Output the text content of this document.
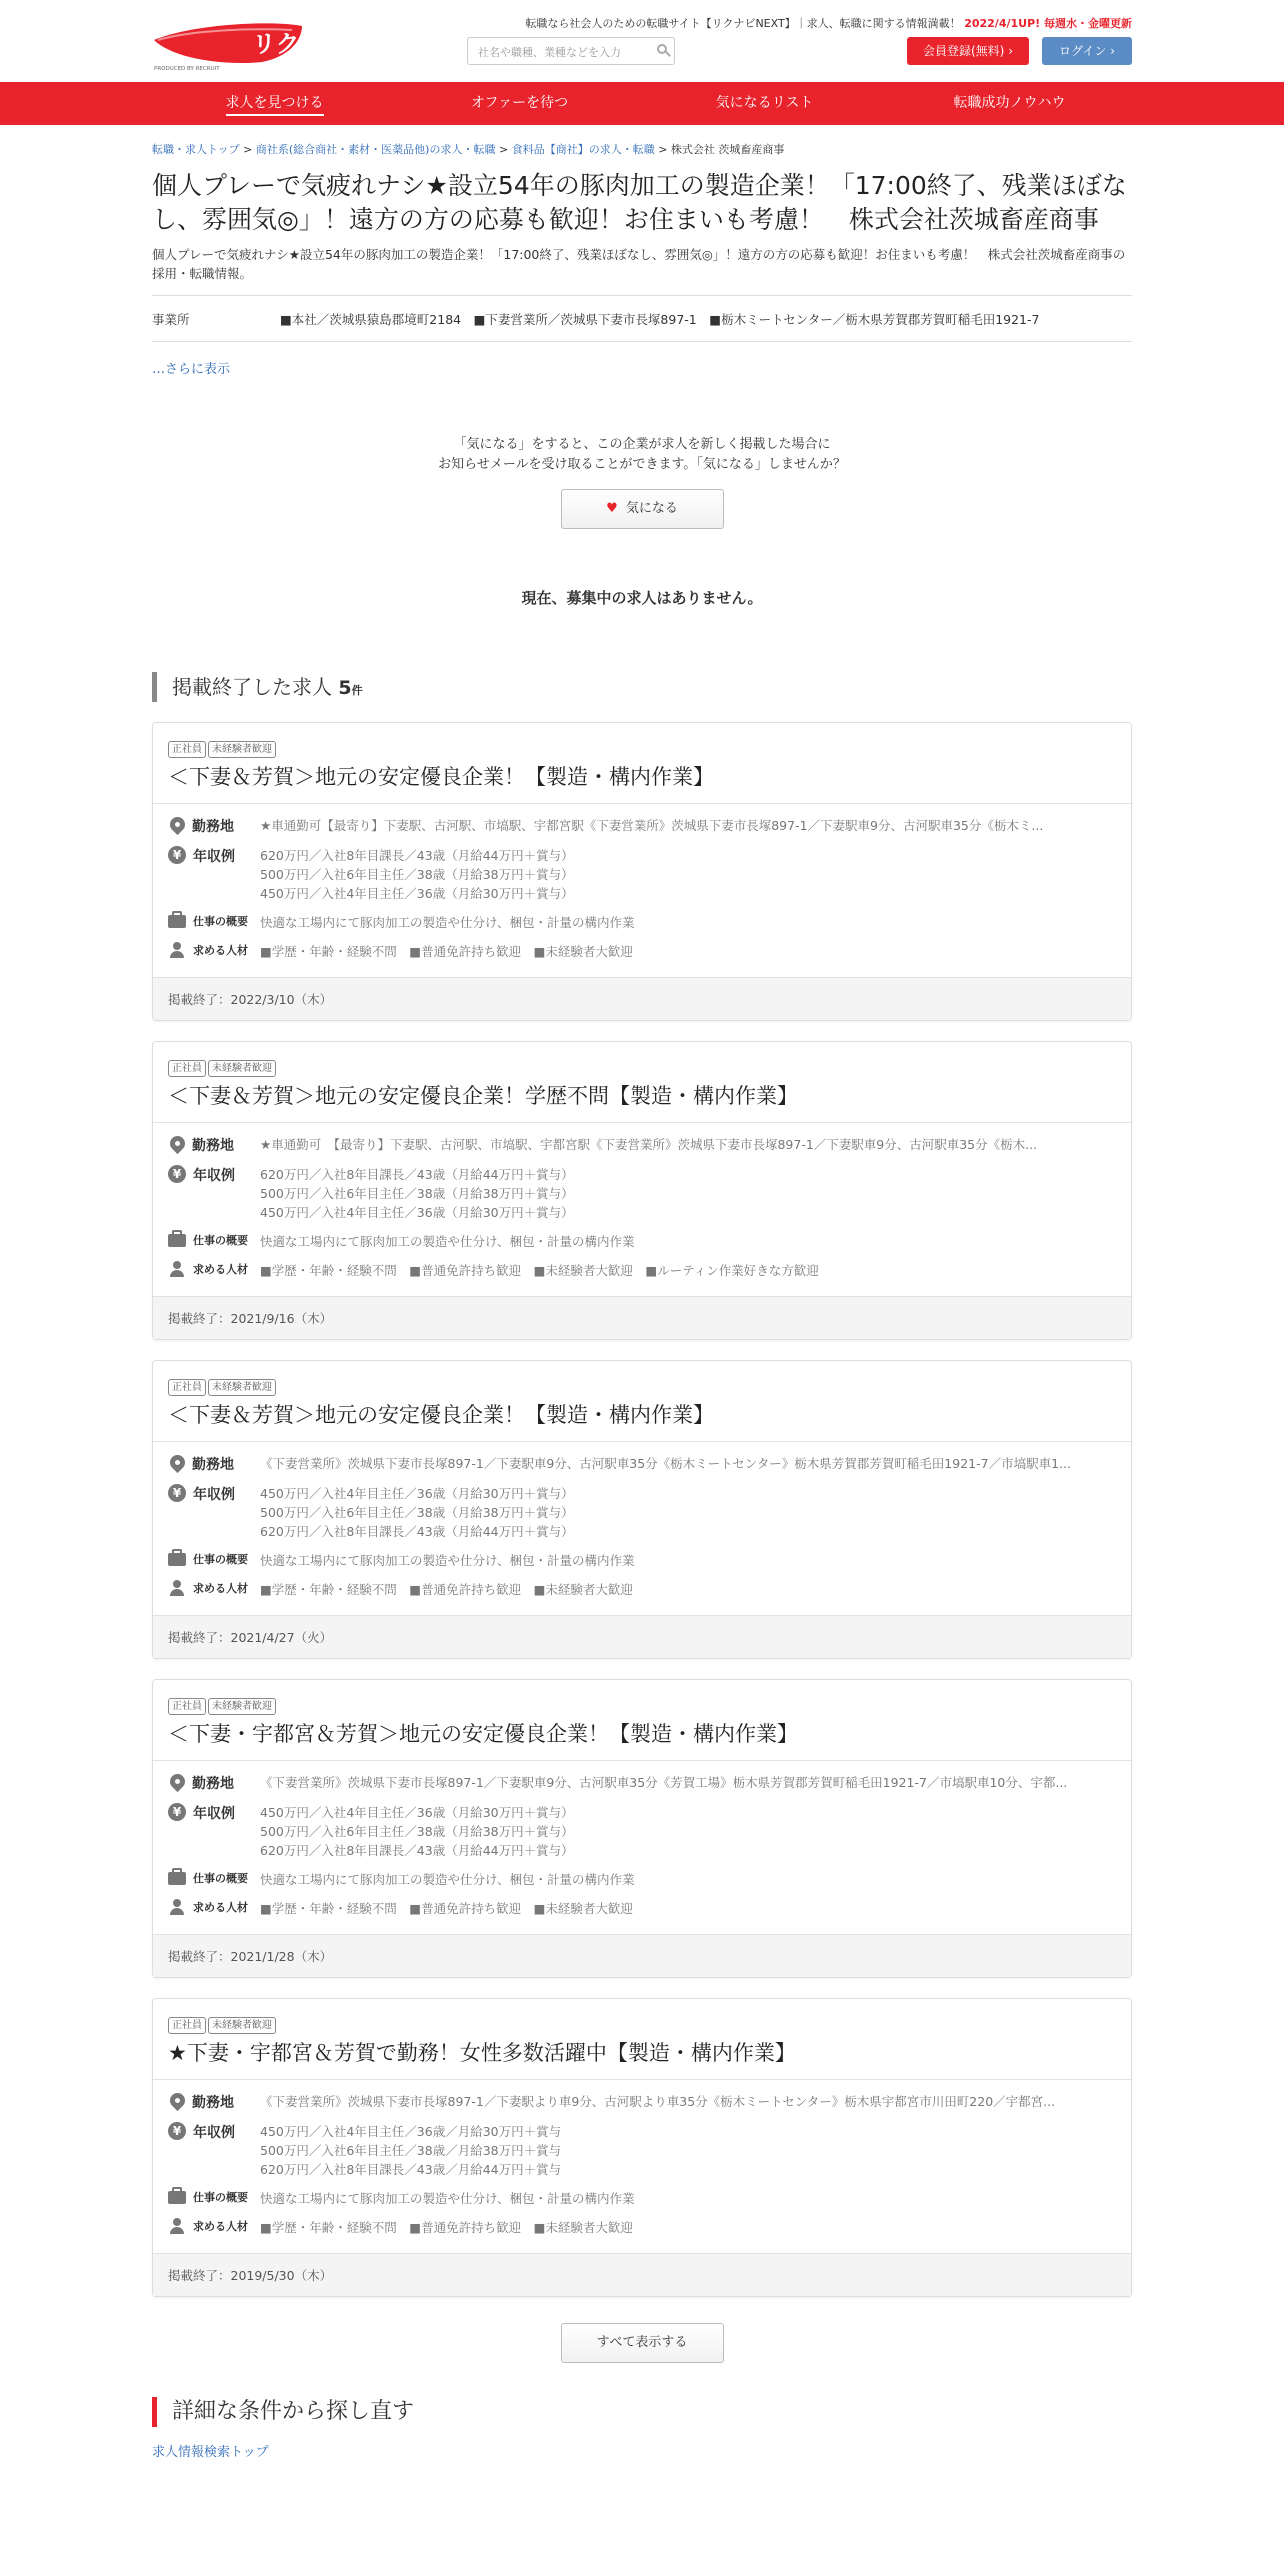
リクナビNEXT
PRODUCED BY RECRUIT
転職なら社会人のための転職サイト【リクナビNEXT】｜求人、転職に関する情報満載！ 2022/4/1UP! 毎週水・金曜更新
社名や職種、業種などを入力	会員登録(無料) ›	ログイン ›
求人を見つける	オファーを待つ	気になるリスト	転職成功ノウハウ
転職・求人トップ > 商社系(総合商社・素材・医薬品他)の求人・転職 > 食料品【商社】の求人・転職 > 株式会社 茨城畜産商事
個人プレーで気疲れナシ★設立54年の豚肉加工の製造企業！「17:00終了、残業ほぼなし、雰囲気◎」！遠方の方の応募も歓迎！お住まいも考慮！　株式会社茨城畜産商事

個人プレーで気疲れナシ★設立54年の豚肉加工の製造企業！「17:00終了、残業ほぼなし、雰囲気◎」！遠方の方の応募も歓迎！お住まいも考慮！　株式会社茨城畜産商事の採用・転職情報。

事業所	■本社／茨城県猿島郡境町2184　■下妻営業所／茨城県下妻市長塚897-1　■栃木ミートセンター／栃木県芳賀郡芳賀町稲毛田1921-7
…さらに表示
「気になる」をすると、この企業が求人を新しく掲載した場合に
お知らせメールを受け取ることができます。「気になる」しませんか？
♥ 気になる
現在、募集中の求人はありません。
掲載終了した求人 5件
正社員 未経験者歓迎
＜下妻＆芳賀＞地元の安定優良企業！【製造・構内作業】
勤務地 ★車通勤可【最寄り】下妻駅、古河駅、市塙駅、宇都宮駅《下妻営業所》茨城県下妻市長塚897-1／下妻駅車9分、古河駅車35分《栃木ミ...
¥ 年収例 620万円／入社8年目課長／43歳（月給44万円＋賞与）
500万円／入社6年目主任／38歳（月給38万円＋賞与）
450万円／入社4年目主任／36歳（月給30万円＋賞与）
仕事の概要 快適な工場内にて豚肉加工の製造や仕分け、梱包・計量の構内作業
求める人材 ■学歴・年齢・経験不問　■普通免許持ち歓迎　■未経験者大歓迎
掲載終了：2022/3/10（木）
正社員 未経験者歓迎
＜下妻＆芳賀＞地元の安定優良企業！学歴不問【製造・構内作業】
勤務地 ★車通勤可　【最寄り】下妻駅、古河駅、市塙駅、宇都宮駅《下妻営業所》茨城県下妻市長塚897-1／下妻駅車9分、古河駅車35分《栃木...
¥ 年収例 620万円／入社8年目課長／43歳（月給44万円＋賞与）
500万円／入社6年目主任／38歳（月給38万円＋賞与）
450万円／入社4年目主任／36歳（月給30万円＋賞与）
仕事の概要 快適な工場内にて豚肉加工の製造や仕分け、梱包・計量の構内作業
求める人材 ■学歴・年齢・経験不問　■普通免許持ち歓迎　■未経験者大歓迎　■ルーティン作業好きな方歓迎
掲載終了：2021/9/16（木）
正社員 未経験者歓迎
＜下妻＆芳賀＞地元の安定優良企業！【製造・構内作業】
勤務地 《下妻営業所》茨城県下妻市長塚897-1／下妻駅車9分、古河駅車35分《栃木ミートセンター》栃木県芳賀郡芳賀町稲毛田1921-7／市塙駅車1...
¥ 年収例 450万円／入社4年目主任／36歳（月給30万円＋賞与）
500万円／入社6年目主任／38歳（月給38万円＋賞与）
620万円／入社8年目課長／43歳（月給44万円＋賞与）
仕事の概要 快適な工場内にて豚肉加工の製造や仕分け、梱包・計量の構内作業
求める人材 ■学歴・年齢・経験不問　■普通免許持ち歓迎　■未経験者大歓迎
掲載終了：2021/4/27（火）
正社員 未経験者歓迎
＜下妻・宇都宮＆芳賀＞地元の安定優良企業！【製造・構内作業】
勤務地 《下妻営業所》茨城県下妻市長塚897-1／下妻駅車9分、古河駅車35分《芳賀工場》栃木県芳賀郡芳賀町稲毛田1921-7／市塙駅車10分、宇都...
¥ 年収例 450万円／入社4年目主任／36歳（月給30万円＋賞与）
500万円／入社6年目主任／38歳（月給38万円＋賞与）
620万円／入社8年目課長／43歳（月給44万円＋賞与）
仕事の概要 快適な工場内にて豚肉加工の製造や仕分け、梱包・計量の構内作業
求める人材 ■学歴・年齢・経験不問　■普通免許持ち歓迎　■未経験者大歓迎
掲載終了：2021/1/28（木）
正社員 未経験者歓迎
★下妻・宇都宮＆芳賀で勤務！女性多数活躍中【製造・構内作業】
勤務地 《下妻営業所》茨城県下妻市長塚897-1／下妻駅より車9分、古河駅より車35分《栃木ミートセンター》栃木県宇都宮市川田町220／宇都宮...
¥ 年収例 450万円／入社4年目主任／36歳／月給30万円＋賞与
500万円／入社6年目主任／38歳／月給38万円＋賞与
620万円／入社8年目課長／43歳／月給44万円＋賞与
仕事の概要 快適な工場内にて豚肉加工の製造や仕分け、梱包・計量の構内作業
求める人材 ■学歴・年齢・経験不問　■普通免許持ち歓迎　■未経験者大歓迎
掲載終了：2019/5/30（木）
すべて表示する
詳細な条件から探し直す
求人情報検索トップ
